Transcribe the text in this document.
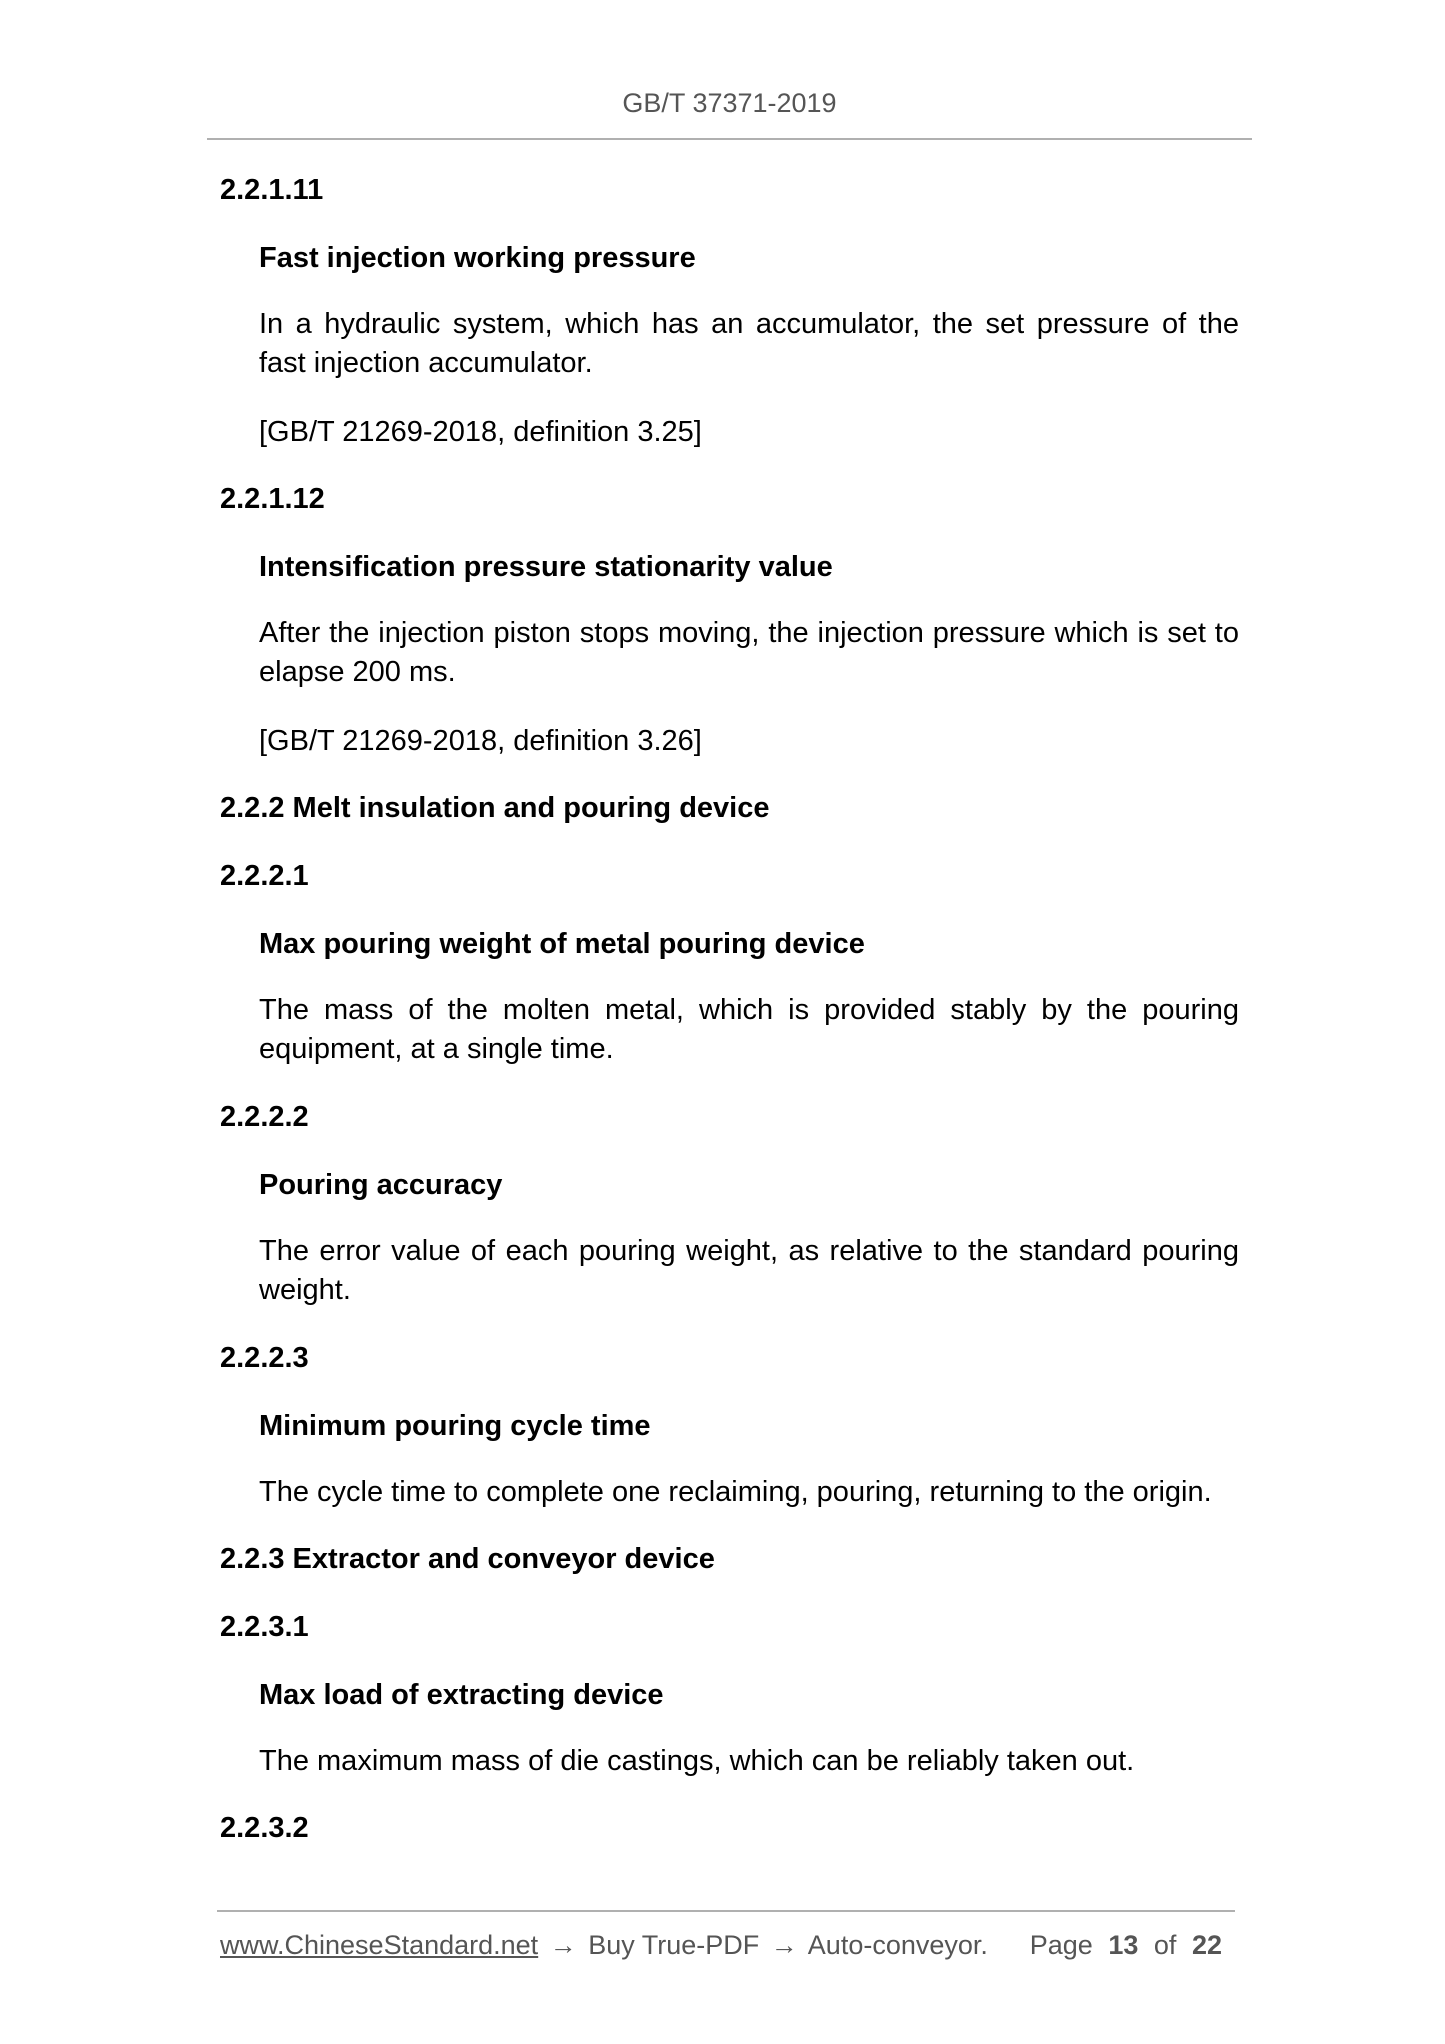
GB/T 37371-2019
2.2.1.11
Fast injection working pressure
In a hydraulic system, which has an accumulator, the set pressure of the fast injection accumulator.
[GB/T 21269-2018, definition 3.25]
2.2.1.12
Intensification pressure stationarity value
After the injection piston stops moving, the injection pressure which is set to elapse 200 ms.
[GB/T 21269-2018, definition 3.26]
2.2.2 Melt insulation and pouring device
2.2.2.1
Max pouring weight of metal pouring device
The mass of the molten metal, which is provided stably by the pouring equipment, at a single time.
2.2.2.2
Pouring accuracy
The error value of each pouring weight, as relative to the standard pouring weight.
2.2.2.3
Minimum pouring cycle time
The cycle time to complete one reclaiming, pouring, returning to the origin.
2.2.3 Extractor and conveyor device
2.2.3.1
Max load of extracting device
The maximum mass of die castings, which can be reliably taken out.
2.2.3.2
www.ChineseStandard.net → Buy True-PDF → Auto-conveyor. Page 13 of 22
